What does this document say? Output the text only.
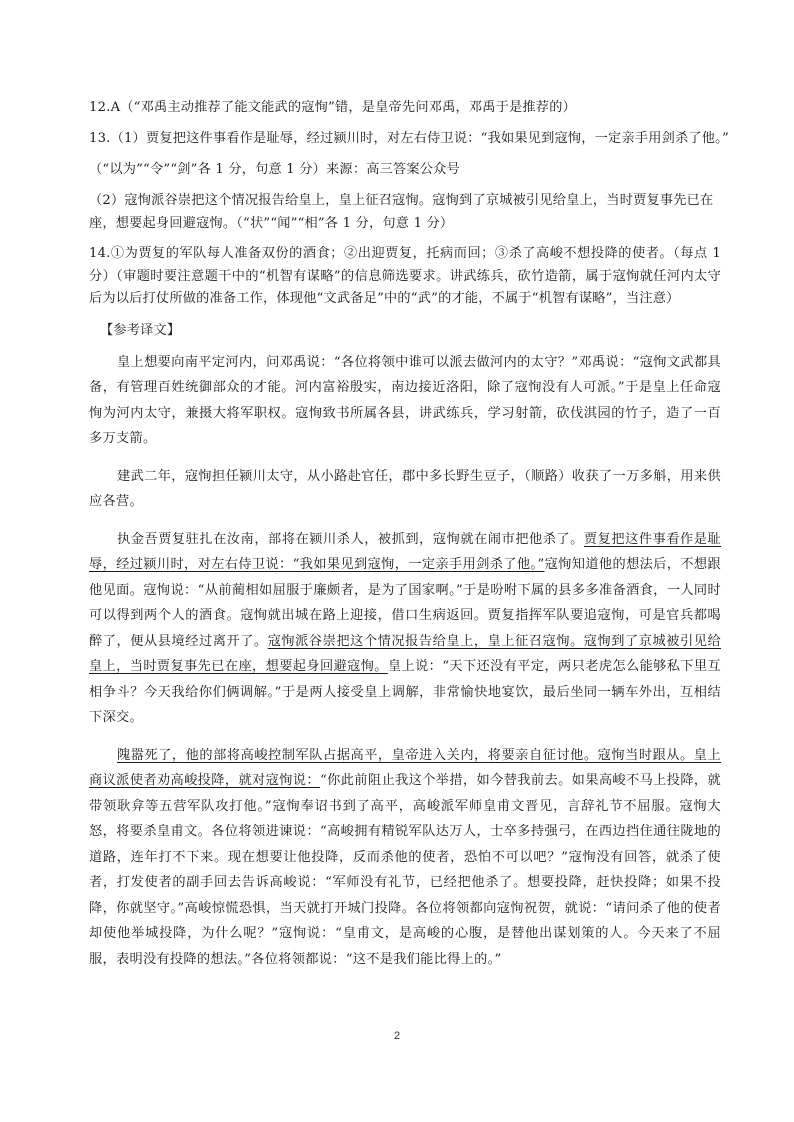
12.A（“邓禹主动推荐了能文能武的寇恂”错，是皇帝先问邓禹，邓禹于是推荐的）

13.（1）贾复把这件事看作是耻辱，经过颍川时，对左右侍卫说：“我如果见到寇恂，一定亲手用剑杀了他。”

（“以为”“令”“剑”各 1 分，句意 1 分）来源：高三答案公众号

（2）寇恂派谷崇把这个情况报告给皇上，皇上征召寇恂。寇恂到了京城被引见给皇上，当时贾复事先已在

座，想要起身回避寇恂。（“状”“闻”“相”各 1 分，句意 1 分）

14.①为贾复的军队每人准备双份的酒食；②出迎贾复，托病而回；③杀了高峻不想投降的使者。（每点 1 分）（审题时要注意题干中的“机智有谋略”的信息筛选要求。讲武练兵，砍竹造箭，属于寇恂就任河内太守后为以后打仗所做的准备工作，体现他“文武备足”中的“武”的才能，不属于“机智有谋略”，当注意）

【参考译文】

皇上想要向南平定河内，问邓禹说：“各位将领中谁可以派去做河内的太守？”邓禹说：“寇恂文武都具备，有管理百姓统御部众的才能。河内富裕殷实，南边接近洛阳，除了寇恂没有人可派。”于是皇上任命寇恂为河内太守，兼摄大将军职权。寇恂致书所属各县，讲武练兵，学习射箭，砍伐淇园的竹子，造了一百多万支箭。

建武二年，寇恂担任颍川太守，从小路赴官任，郡中多长野生豆子，（顺路）收获了一万多斛，用来供应各营。

执金吾贾复驻扎在汝南，部将在颍川杀人，被抓到，寇恂就在闹市把他杀了。贾复把这件事看作是耻辱，经过颍川时，对左右侍卫说：“我如果见到寇恂，一定亲手用剑杀了他。”寇恂知道他的想法后，不想跟他见面。寇恂说：“从前蔺相如屈服于廉颇者，是为了国家啊。”于是吩咐下属的县多多准备酒食，一人同时可以得到两个人的酒食。寇恂就出城在路上迎接，借口生病返回。贾复指挥军队要追寇恂，可是官兵都喝醉了，便从县境经过离开了。寇恂派谷崇把这个情况报告给皇上，皇上征召寇恂。寇恂到了京城被引见给皇上，当时贾复事先已在座，想要起身回避寇恂。皇上说：“天下还没有平定，两只老虎怎么能够私下里互相争斗？今天我给你们俩调解。”于是两人接受皇上调解，非常愉快地宴饮，最后坐同一辆车外出，互相结下深交。

隗嚣死了，他的部将高峻控制军队占据高平，皇帝进入关内，将要亲自征讨他。寇恂当时跟从。皇上商议派使者劝高峻投降，就对寇恂说：“你此前阻止我这个举措，如今替我前去。如果高峻不马上投降，就带领耿弇等五营军队攻打他。”寇恂奉诏书到了高平，高峻派军师皇甫文晋见，言辞礼节不屈服。寇恂大怒，将要杀皇甫文。各位将领进谏说：“高峻拥有精锐军队达万人，士卒多持强弓，在西边挡住通往陇地的道路，连年打不下来。现在想要让他投降，反而杀他的使者，恐怕不可以吧？”寇恂没有回答，就杀了使者，打发使者的副手回去告诉高峻说：“军师没有礼节，已经把他杀了。想要投降，赶快投降；如果不投降，你就坚守。”高峻惊慌恐惧，当天就打开城门投降。各位将领都向寇恂祝贺，就说：“请问杀了他的使者却使他举城投降，为什么呢？”寇恂说：“皇甫文，是高峻的心腹，是替他出谋划策的人。今天来了不屈服，表明没有投降的想法。”各位将领都说：“这不是我们能比得上的。”

2
